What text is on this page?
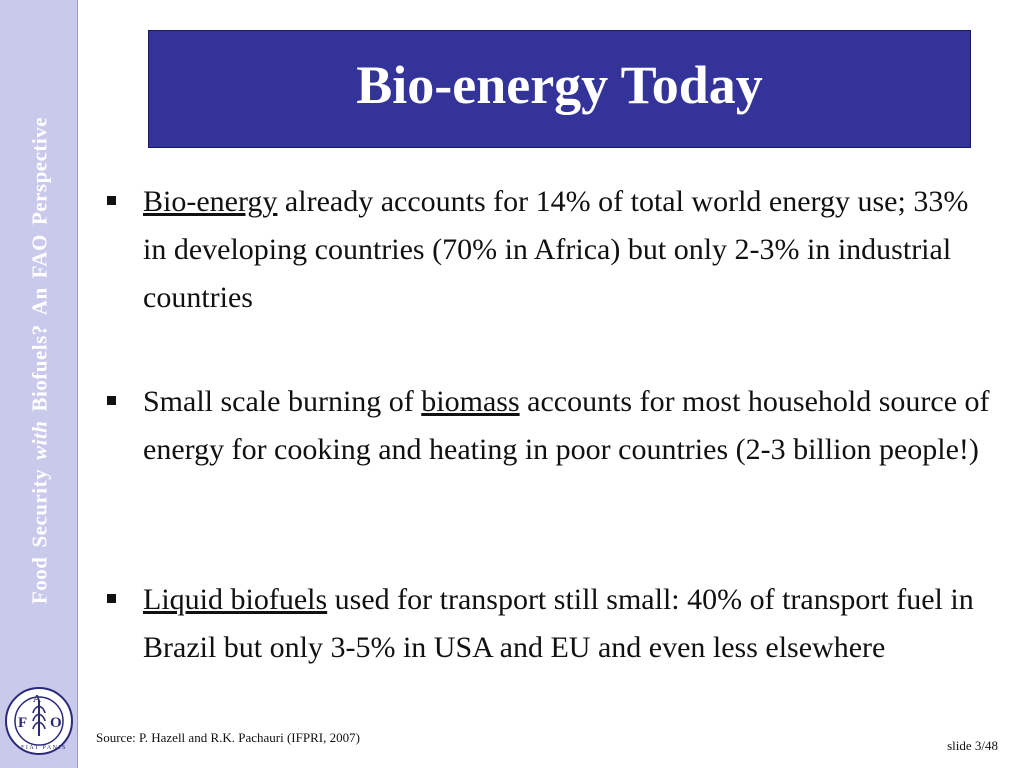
FoodSecuritywithBiofuels?AnFAOPerspective
F
A
O
FIAT PANIS
Bio-energy Today
Bio-energy already accounts for 14% of total world energy use; 33% in developing countries (70% in Africa) but only 2-3% in industrial countries
Small scale burning of biomass accounts for most household source of energy for cooking and heating in poor countries (2-3 billion people!)
Liquid biofuels used for transport still small: 40% of transport fuel in Brazil but only 3-5% in USA and EU and even less elsewhere
Source: P. Hazell and R.K. Pachauri (IFPRI, 2007)
slide 3/48
